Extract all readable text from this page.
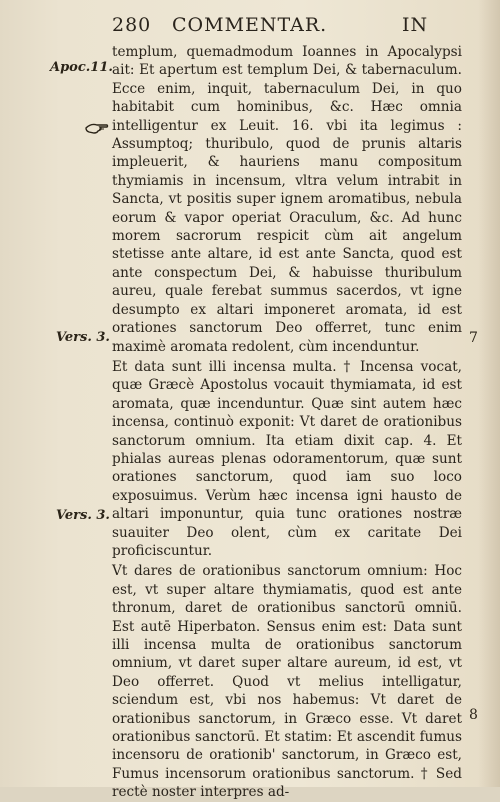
280 COMMENTAR.	IN
Apoc.11.
Vers. 3.
Vers. 3.
7
8

templum, quemadmodum Ioannes in Apocalypsi ait: Et apertum est templum Dei, & tabernaculum. Ecce enim, inquit, tabernaculum Dei, in quo habitabit cum hominibus, &c. Hæc omnia intelligentur ex Leuit. 16. vbi ita legimus : Assumptoq; thuribulo, quod de prunis altaris impleuerit, & hauriens manu compositum thymiamis in incensum, vltra velum intrabit in Sancta, vt positis super ignem aromatibus, nebula eorum & vapor operiat Oraculum, &c. Ad hunc morem sacrorum respicit cùm ait angelum stetisse ante altare, id est ante Sancta, quod est ante conspectum Dei, & habuisse thuribulum aureu, quale ferebat summus sacerdos, vt igne desumpto ex altari imponeret aromata, id est orationes sanctorum Deo offerret, tunc enim maximè aromata redolent, cùm incenduntur.

Et data sunt illi incensa multa. † Incensa vocat, quæ Græcè Apostolus vocauit thymiamata, id est aromata, quæ incenduntur. Quæ sint autem hæc incensa, continuò exponit: Vt daret de orationibus sanctorum omnium. Ita etiam dixit cap. 4. Et phialas aureas plenas odoramentorum, quæ sunt orationes sanctorum, quod iam suo loco exposuimus. Verùm hæc incensa igni hausto de altari imponuntur, quia tunc orationes nostræ suauiter Deo olent, cùm ex caritate Dei proficiscuntur.

Vt dares de orationibus sanctorum omnium: Hoc est, vt super altare thymiamatis, quod est ante thronum, daret de orationibus sanctorū omniū. Est autē Hiperbaton. Sensus enim est: Data sunt illi incensa multa de orationibus sanctorum omnium, vt daret super altare aureum, id est, vt Deo offerret. Quod vt melius intelligatur, sciendum est, vbi nos habemus: Vt daret de orationibus sanctorum, in Græco esse. Vt daret orationibus sanctorū. Et statim: Et ascendit fumus incensoru de orationib' sanctorum, in Græco est, Fumus incensorum orationibus sanctorum. † Sed rectè noster interpres ad-
